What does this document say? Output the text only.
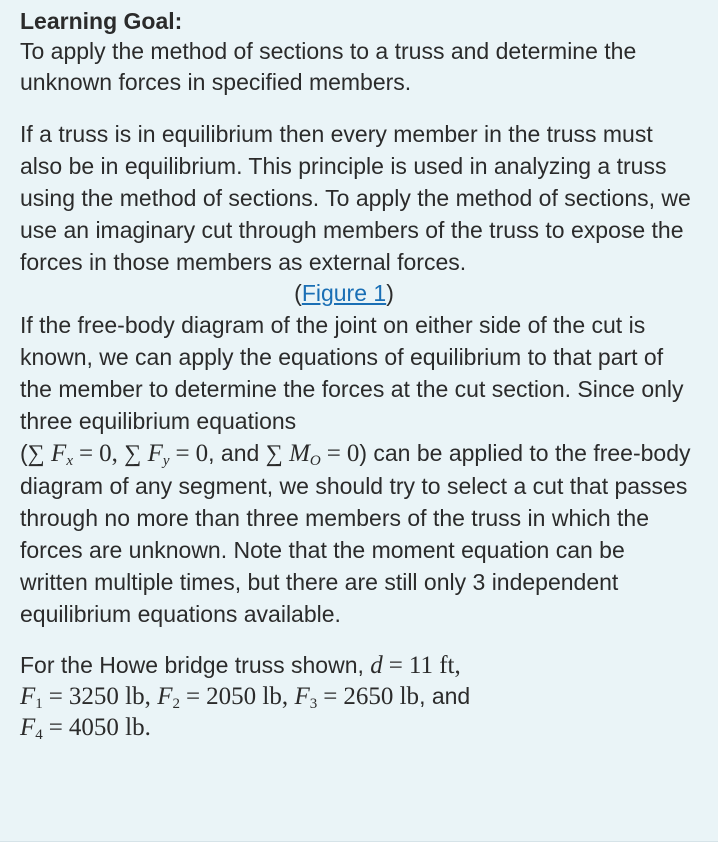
Learning Goal:

To apply the method of sections to a truss and determine the unknown forces in specified members.

If a truss is in equilibrium then every member in the truss must also be in equilibrium. This principle is used in analyzing a truss using the method of sections. To apply the method of sections, we use an imaginary cut through members of the truss to expose the forces in those members as external forces.

(Figure 1)

If the free-body diagram of the joint on either side of the cut is known, we can apply the equations of equilibrium to that part of the member to determine the forces at the cut section. Since only three equilibrium equations
(∑ $F_x = 0$, ∑ $F_y = 0$, and ∑ $M_O = 0$) can be applied to the free-body diagram of any segment, we should try to select a cut that passes through no more than three members of the truss in which the forces are unknown. Note that the moment equation can be written multiple times, but there are still only 3 independent equilibrium equations available.

For the Howe bridge truss shown, d = 11 ft,
$F_1 = 3250$ lb, $F_2 = 2050$ lb, $F_3 = 2650$ lb, and
$F_4 = 4050$ lb.
